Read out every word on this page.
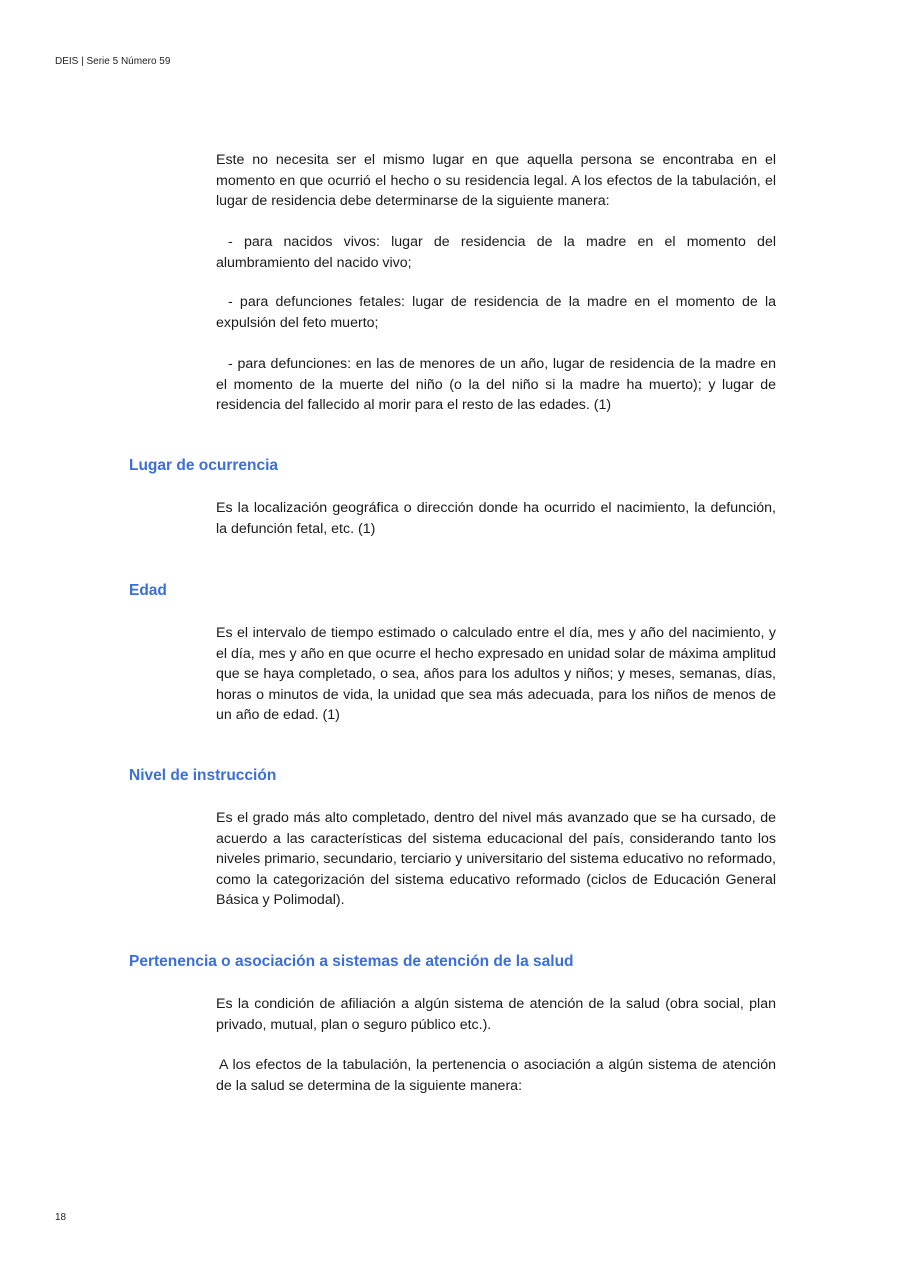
DEIS | Serie 5 Número 59

Este no necesita ser el mismo lugar en que aquella persona se encontraba en el momento en que ocurrió el hecho o su residencia legal. A los efectos de la tabulación, el lugar de residencia debe determinarse de la siguiente manera:

- para nacidos vivos: lugar de residencia de la madre en el momento del alumbramiento del nacido vivo;

- para defunciones fetales: lugar de residencia de la madre en el momento de la expulsión del feto muerto;

- para defunciones: en las de menores de un año, lugar de residencia de la madre en el momento de la muerte del niño (o la del niño si la madre ha muerto); y lugar de residencia del fallecido al morir para el resto de las edades. (1)

Lugar de ocurrencia

Es la localización geográfica o dirección donde ha ocurrido el nacimiento, la defunción, la defunción fetal, etc. (1)

Edad

Es el intervalo de tiempo estimado o calculado entre el día, mes y año del nacimiento, y el día, mes y año en que ocurre el hecho expresado en unidad solar de máxima amplitud que se haya completado, o sea, años para los adultos y niños; y meses, semanas, días, horas o minutos de vida, la unidad que sea más adecuada, para los niños de menos de un año de edad. (1)

Nivel de instrucción

Es el grado más alto completado, dentro del nivel más avanzado que se ha cursado, de acuerdo a las características del sistema educacional del país, considerando tanto los niveles primario, secundario, terciario y universitario del sistema educativo no reformado, como la categorización del sistema educativo reformado (ciclos de Educación General Básica y Polimodal).

Pertenencia o asociación a sistemas de atención de la salud

Es la condición de afiliación a algún sistema de atención de la salud (obra social, plan privado, mutual, plan o seguro público etc.).

A los efectos de la tabulación, la pertenencia o asociación a algún sistema de atención de la salud se determina de la siguiente manera:

18
